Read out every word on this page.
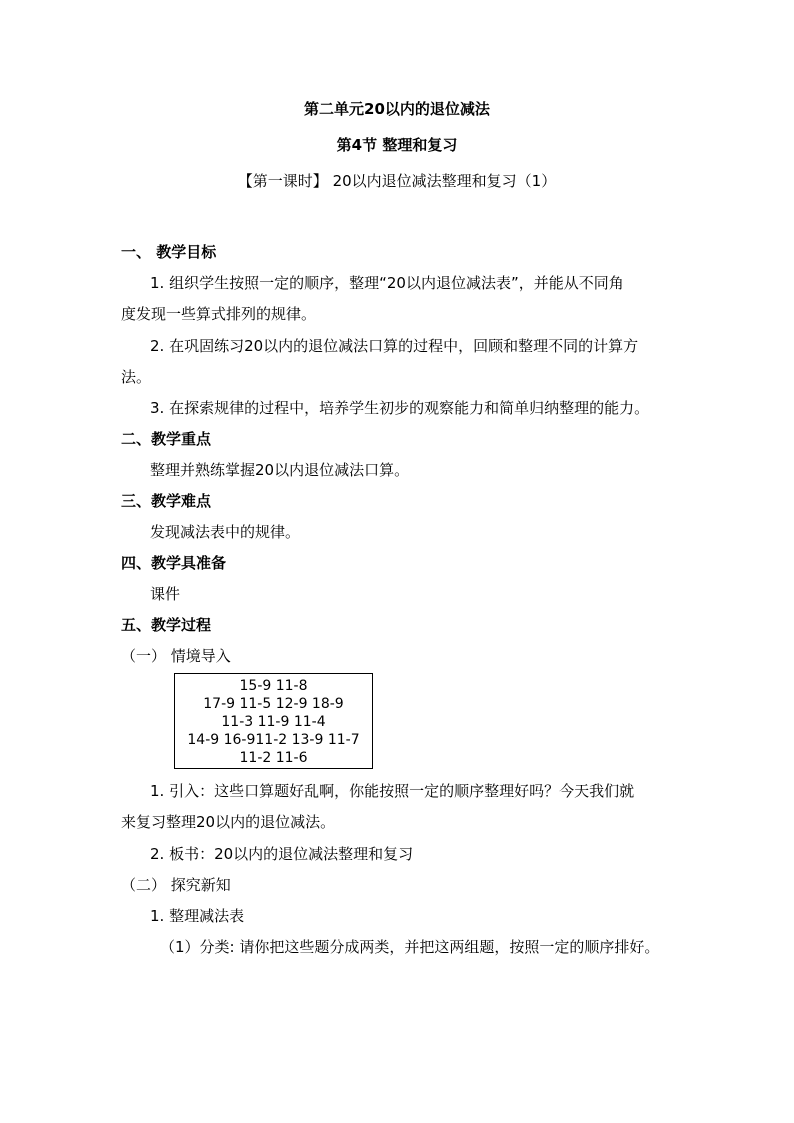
第二单元20以内的退位减法
第4节 整理和复习
【第一课时】 20以内退位减法整理和复习（1）
一、 教学目标
1. 组织学生按照一定的顺序，整理“20以内退位减法表”，并能从不同角
度发现一些算式排列的规律。
2. 在巩固练习20以内的退位减法口算的过程中，回顾和整理不同的计算方
法。
3. 在探索规律的过程中，培养学生初步的观察能力和简单归纳整理的能力。
二、教学重点
整理并熟练掌握20以内退位减法口算。
三、教学难点
发现减法表中的规律。
四、教学具准备
课件
五、教学过程
（一） 情境导入
15-9 11-8
17-9 11-5 12-9 18-9
11-3 11-9 11-4
14-9 16-911-2 13-9 11-7
11-2 11-6
1. 引入：这些口算题好乱啊，你能按照一定的顺序整理好吗？今天我们就
来复习整理20以内的退位减法。
2. 板书：20以内的退位减法整理和复习
（二） 探究新知
1. 整理减法表
（1）分类: 请你把这些题分成两类，并把这两组题，按照一定的顺序排好。
